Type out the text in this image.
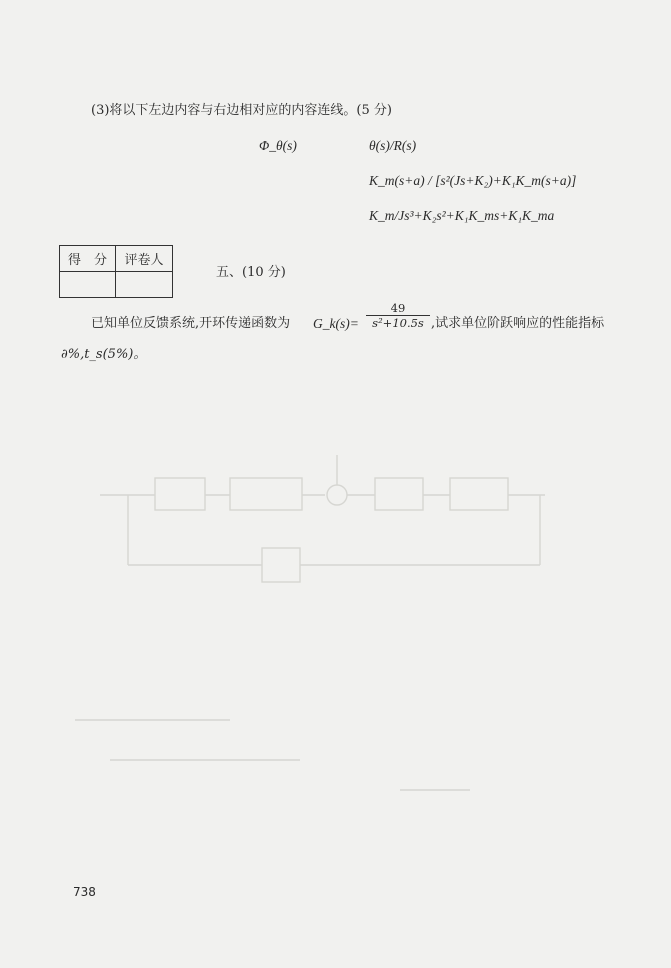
(3)将以下左边内容与右边相对应的内容连线。(5 分)
Φ_θ(s)	θ(s)/R(s)
K_m(s+a) / [s²(Js+K₂)+K₁K_m(s+a)]
K_m/Js³+K₂s²+K₁K_ms+K₁K_ma
得　分	评卷人

五、(10 分)
已知单位反馈系统,开环传递函数为 G_k(s)=
49
s²+10.5s ,试求单位阶跃响应的性能指标
∂%,t_s(5%)。
738
